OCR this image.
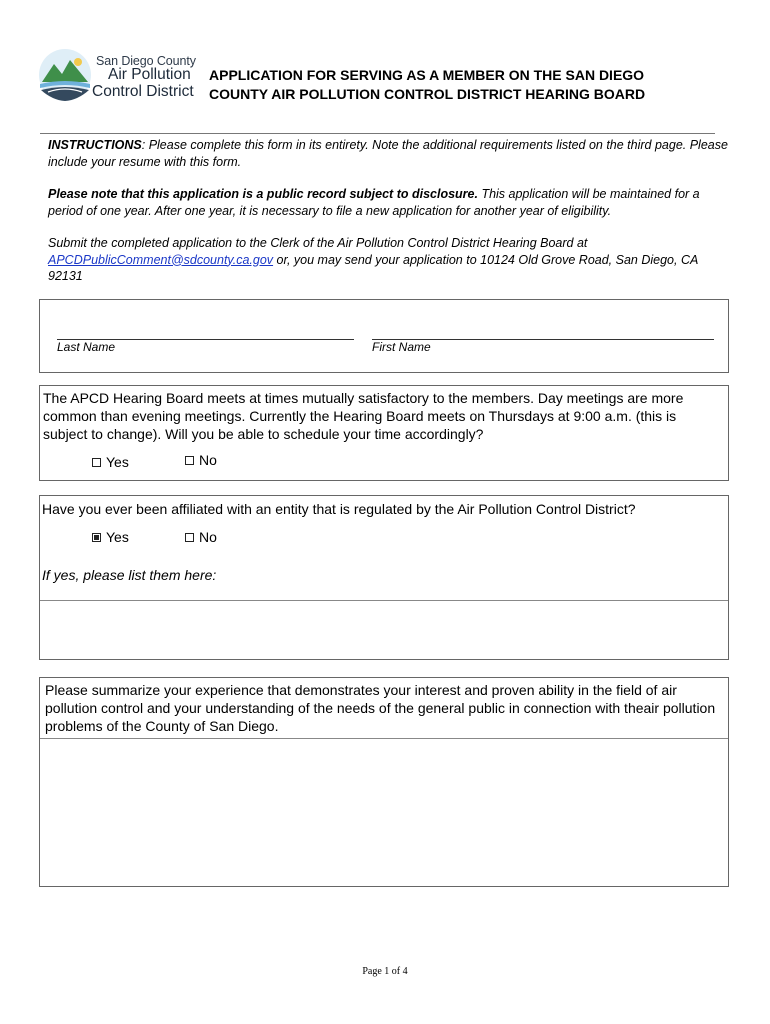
San Diego County
Air Pollution
Control District
APPLICATION FOR SERVING AS A MEMBER ON THE SAN DIEGO
COUNTY AIR POLLUTION CONTROL DISTRICT HEARING BOARD
INSTRUCTIONS: Please complete this form in its entirety. Note the additional requirements listed on the third page. Please include your resume with this form.
Please note that this application is a public record subject to disclosure. This application will be maintained for a period of one year. After one year, it is necessary to file a new application for another year of eligibility.
Submit the completed application to the Clerk of the Air Pollution Control District Hearing Board at APCDPublicComment@sdcounty.ca.gov or, you may send your application to 10124 Old Grove Road, San Diego, CA 92131
Last Name	First Name
The APCD Hearing Board meets at times mutually satisfactory to the members. Day meetings are more common than evening meetings. Currently the Hearing Board meets on Thursdays at 9:00 a.m. (this is subject to change). Will you be able to schedule your time accordingly?
Yes	No
Have you ever been affiliated with an entity that is regulated by the Air Pollution Control District?
Yes	No
If yes, please list them here:
Please summarize your experience that demonstrates your interest and proven ability in the field of air pollution control and your understanding of the needs of the general public in connection with theair pollution problems of the County of San Diego.
Page 1 of 4
